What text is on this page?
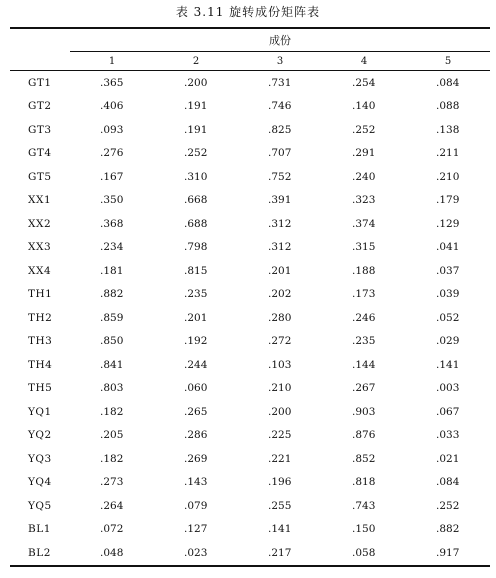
表 3.11 旋转成份矩阵表
	成份				
	1	2	3	4	5
GT1	.365	.200	.731	.254	.084
GT2	.406	.191	.746	.140	.088
GT3	.093	.191	.825	.252	.138
GT4	.276	.252	.707	.291	.211
GT5	.167	.310	.752	.240	.210
XX1	.350	.668	.391	.323	.179
XX2	.368	.688	.312	.374	.129
XX3	.234	.798	.312	.315	.041
XX4	.181	.815	.201	.188	.037
TH1	.882	.235	.202	.173	.039
TH2	.859	.201	.280	.246	.052
TH3	.850	.192	.272	.235	.029
TH4	.841	.244	.103	.144	.141
TH5	.803	.060	.210	.267	.003
YQ1	.182	.265	.200	.903	.067
YQ2	.205	.286	.225	.876	.033
YQ3	.182	.269	.221	.852	.021
YQ4	.273	.143	.196	.818	.084
YQ5	.264	.079	.255	.743	.252
BL1	.072	.127	.141	.150	.882
BL2	.048	.023	.217	.058	.917
